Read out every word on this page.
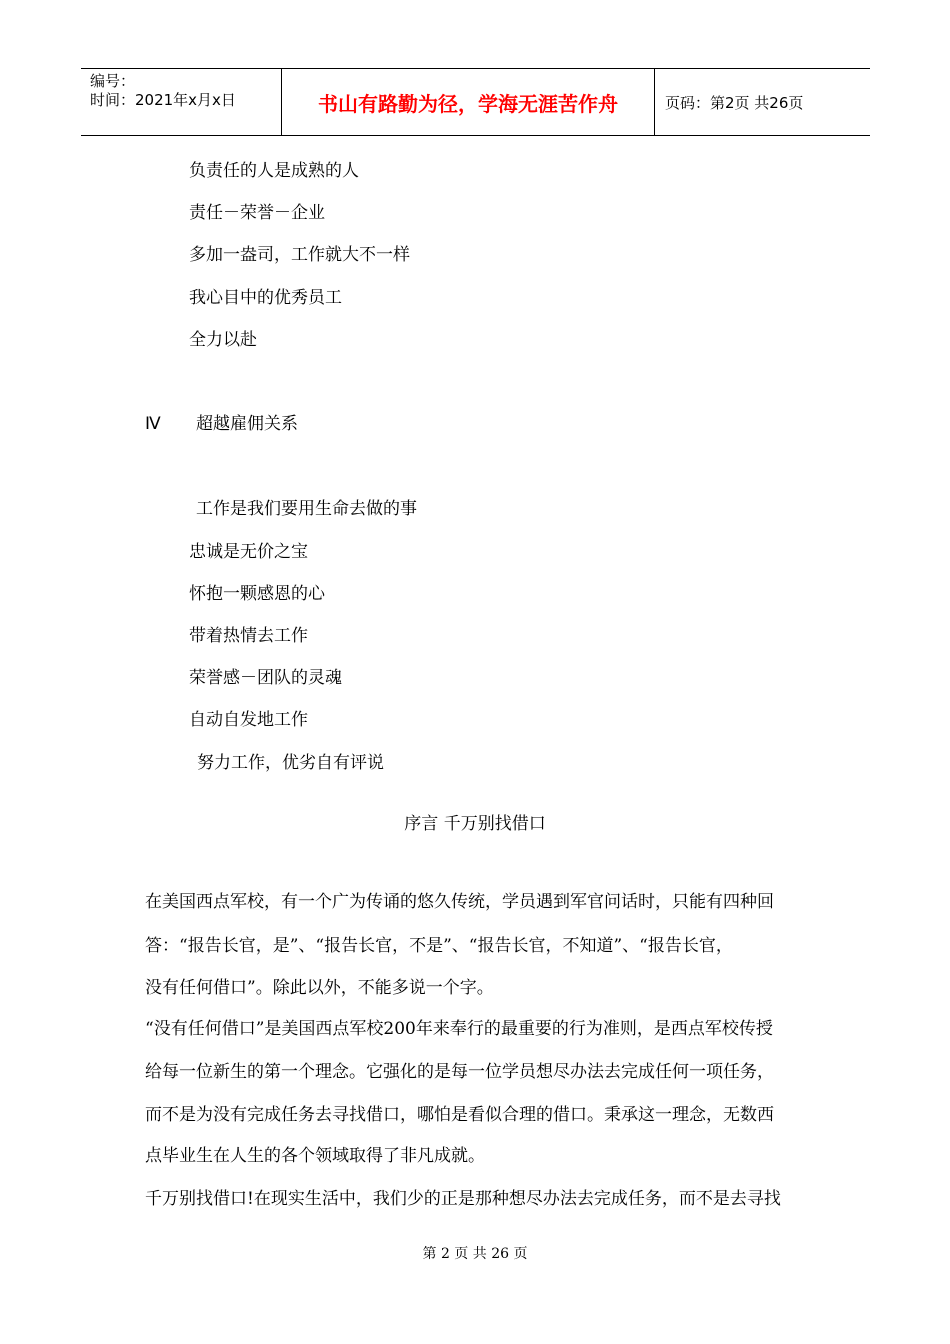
编号：
时间：2021年x月x日	书山有路勤为径，学海无涯苦作舟	页码：第2页 共26页
负责任的人是成熟的人
责任－荣誉－企业
多加一盎司，工作就大不一样
我心目中的优秀员工
全力以赴
Ⅳ 超越雇佣关系
工作是我们要用生命去做的事
忠诚是无价之宝
怀抱一颗感恩的心
带着热情去工作
荣誉感－团队的灵魂
自动自发地工作
努力工作，优劣自有评说
序言 千万别找借口
在美国西点军校，有一个广为传诵的悠久传统，学员遇到军官问话时，只能有四种回
答：“报告长官，是”、“报告长官，不是”、“报告长官，不知道”、“报告长官，
没有任何借口”。除此以外，不能多说一个字。
“没有任何借口”是美国西点军校200年来奉行的最重要的行为准则，是西点军校传授
给每一位新生的第一个理念。它强化的是每一位学员想尽办法去完成任何一项任务，
而不是为没有完成任务去寻找借口，哪怕是看似合理的借口。秉承这一理念，无数西
点毕业生在人生的各个领域取得了非凡成就。
千万别找借口!在现实生活中，我们少的正是那种想尽办法去完成任务，而不是去寻找
第 2 页 共 26 页
